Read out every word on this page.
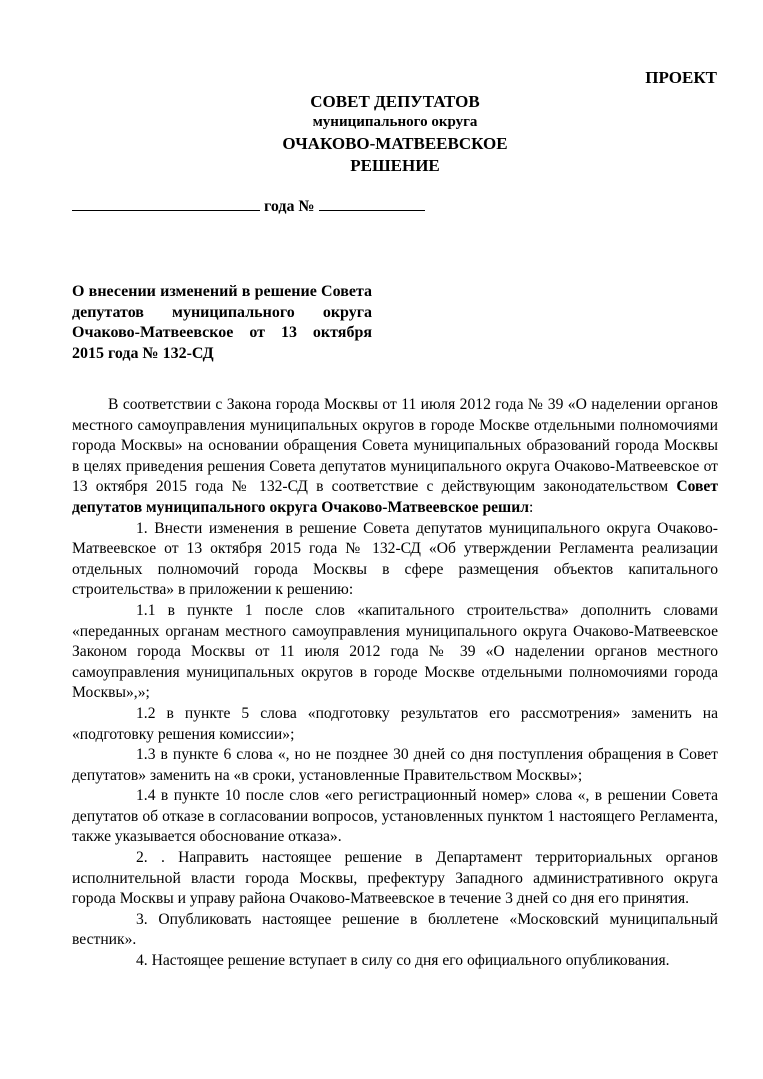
ПРОЕКТ
СОВЕТ ДЕПУТАТОВ
муниципального округа
ОЧАКОВО-МАТВЕЕВСКОЕ
РЕШЕНИЕ
года №
О внесении изменений в решение Совета депутатов муниципального округа Очаково-Матвеевское от 13 октября 2015 года № 132-СД

В соответствии с Закона города Москвы от 11 июля 2012 года № 39 «О наделении органов местного самоуправления муниципальных округов в городе Москве отдельными полномочиями города Москвы» на основании обращения Совета муниципальных образований города Москвы в целях приведения решения Совета депутатов муниципального округа Очаково-Матвеевское от 13 октября 2015 года № 132-СД в соответствие с действующим законодательством Совет депутатов муниципального округа Очаково-Матвеевское решил:

1. Внести изменения в решение Совета депутатов муниципального округа Очаково-Матвеевское от 13 октября 2015 года № 132-СД «Об утверждении Регламента реализации отдельных полномочий города Москвы в сфере размещения объектов капитального строительства» в приложении к решению:

1.1 в пункте 1 после слов «капитального строительства» дополнить словами «переданных органам местного самоуправления муниципального округа Очаково-Матвеевское Законом города Москвы от 11 июля 2012 года № 39 «О наделении органов местного самоуправления муниципальных округов в городе Москве отдельными полномочиями города Москвы»,»;

1.2 в пункте 5 слова «подготовку результатов его рассмотрения» заменить на «подготовку решения комиссии»;

1.3 в пункте 6 слова «, но не позднее 30 дней со дня поступления обращения в Совет депутатов» заменить на «в сроки, установленные Правительством Москвы»;

1.4 в пункте 10 после слов «его регистрационный номер» слова «, в решении Совета депутатов об отказе в согласовании вопросов, установленных пунктом 1 настоящего Регламента, также указывается обоснование отказа».

2. . Направить настоящее решение в Департамент территориальных органов исполнительной власти города Москвы, префектуру Западного административного округа города Москвы и управу района Очаково-Матвеевское в течение 3 дней со дня его принятия.

3. Опубликовать настоящее решение в бюллетене «Московский муниципальный вестник».

4. Настоящее решение вступает в силу со дня его официального опубликования.
